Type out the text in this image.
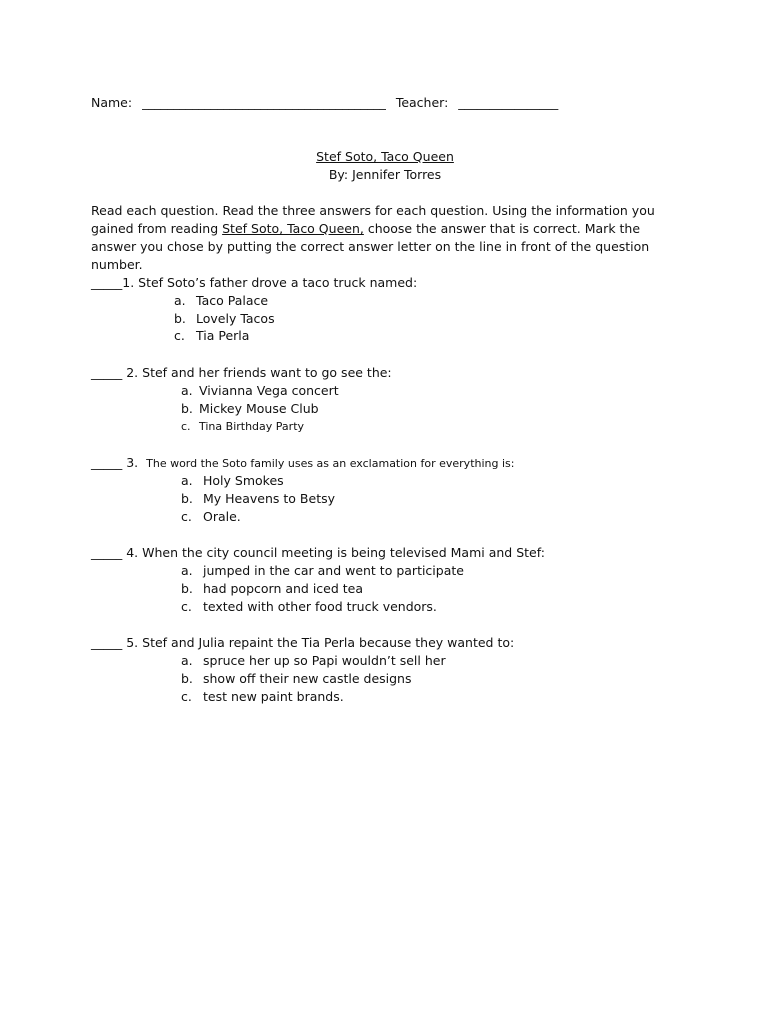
Name: _______________________________________ Teacher: ________________
Stef Soto, Taco Queen
By: Jennifer Torres
Read each question. Read the three answers for each question. Using the information you gained from reading Stef Soto, Taco Queen, choose the answer that is correct. Mark the answer you chose by putting the correct answer letter on the line in front of the question number.
_____1. Stef Soto’s father drove a taco truck named:
a. Taco Palace
b. Lovely Tacos
c. Tia Perla
_____ 2. Stef and her friends want to go see the:
a. Vivianna Vega concert
b. Mickey Mouse Club
c. Tina Birthday Party
_____ 3. The word the Soto family uses as an exclamation for everything is:
a. Holy Smokes
b. My Heavens to Betsy
c. Orale.
_____ 4. When the city council meeting is being televised Mami and Stef:
a. jumped in the car and went to participate
b. had popcorn and iced tea
c. texted with other food truck vendors.
_____ 5. Stef and Julia repaint the Tia Perla because they wanted to:
a. spruce her up so Papi wouldn’t sell her
b. show off their new castle designs
c. test new paint brands.
